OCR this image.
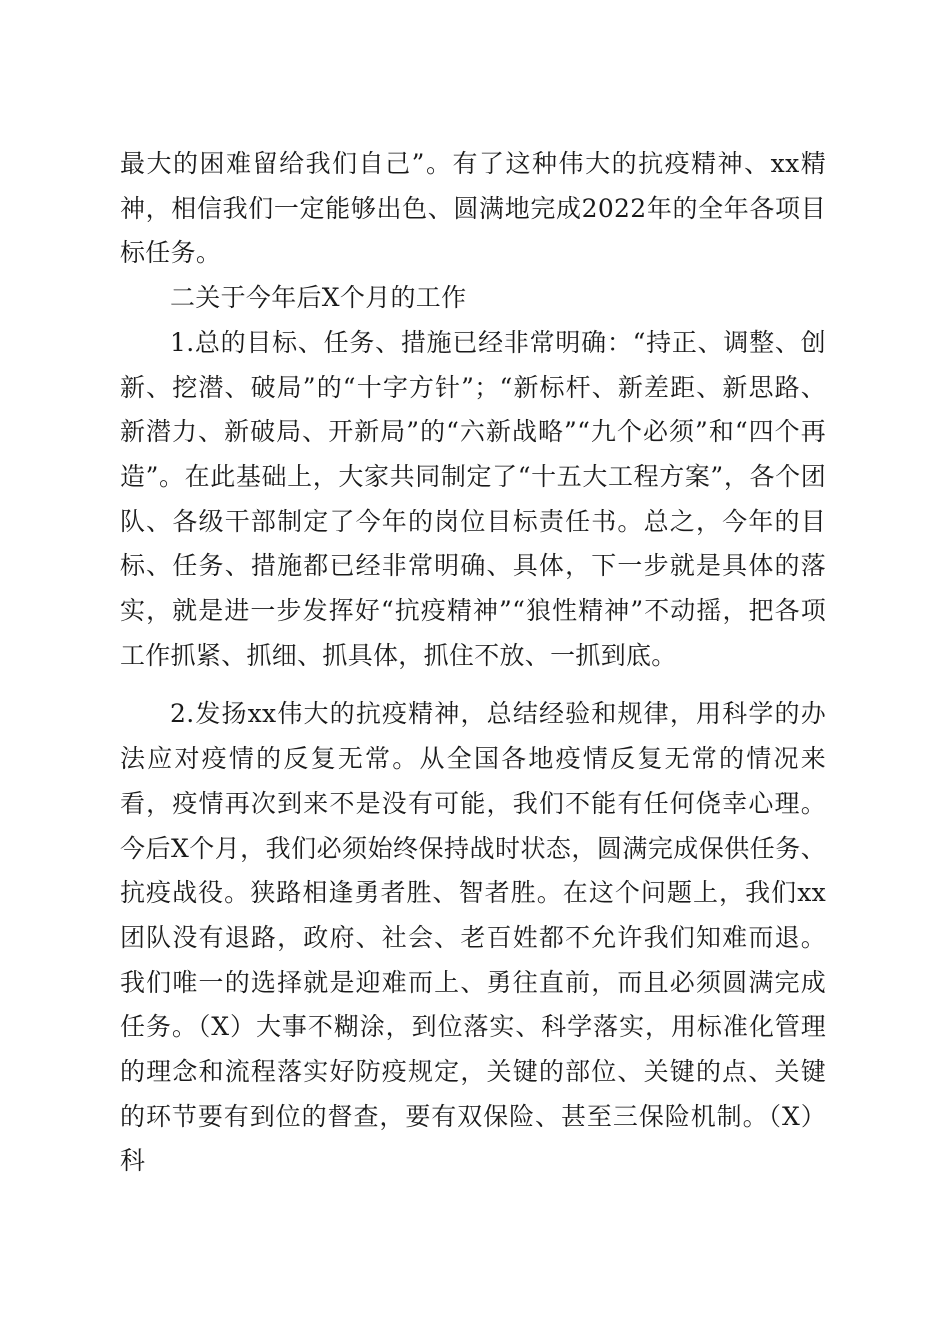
最大的困难留给我们自己”。有了这种伟大的抗疫精神、xx精神，相信我们一定能够出色、圆满地完成2022年的全年各项目标任务。

二关于今年后X个月的工作

1.总的目标、任务、措施已经非常明确：“持正、调整、创新、挖潜、破局”的“十字方针”；“新标杆、新差距、新思路、新潜力、新破局、开新局”的“六新战略”“九个必须”和“四个再造”。在此基础上，大家共同制定了“十五大工程方案”，各个团队、各级干部制定了今年的岗位目标责任书。总之，今年的目标、任务、措施都已经非常明确、具体，下一步就是具体的落实，就是进一步发挥好“抗疫精神”“狼性精神”不动摇，把各项工作抓紧、抓细、抓具体，抓住不放、一抓到底。

2.发扬xx伟大的抗疫精神，总结经验和规律，用科学的办法应对疫情的反复无常。从全国各地疫情反复无常的情况来看，疫情再次到来不是没有可能，我们不能有任何侥幸心理。今后X个月，我们必须始终保持战时状态，圆满完成保供任务、抗疫战役。狭路相逢勇者胜、智者胜。在这个问题上，我们xx团队没有退路，政府、社会、老百姓都不允许我们知难而退。我们唯一的选择就是迎难而上、勇往直前，而且必须圆满完成任务。（X）大事不糊涂，到位落实、科学落实，用标准化管理的理念和流程落实好防疫规定，关键的部位、关键的点、关键的环节要有到位的督查，要有双保险、甚至三保险机制。（X）科
